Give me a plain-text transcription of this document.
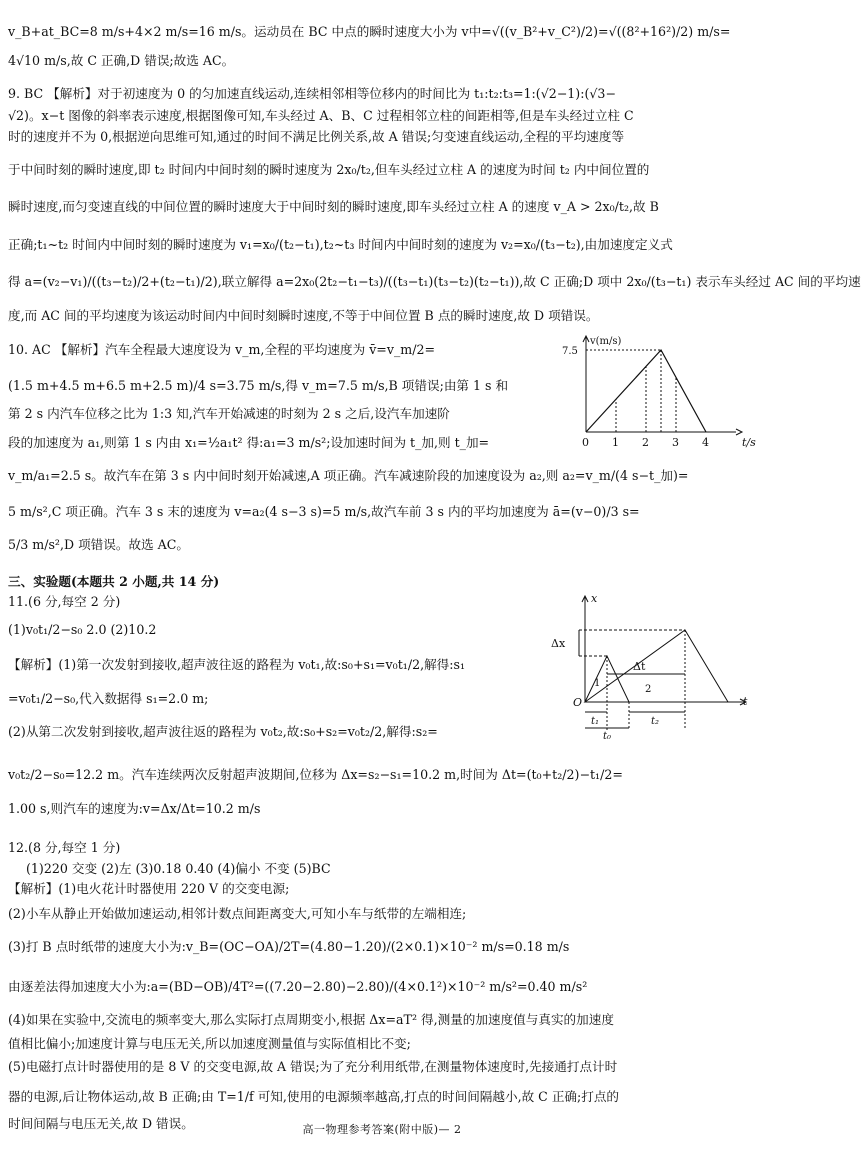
v_B+at_BC=8 m/s+4×2 m/s=16 m/s。运动员在 BC 中点的瞬时速度大小为 v中=√((v_B²+v_C²)/2)=√((8²+16²)/2) m/s=

4√10 m/s,故 C 正确,D 错误;故选 AC。

9. BC 【解析】对于初速度为 0 的匀加速直线运动,连续相邻相等位移内的时间比为 t₁:t₂:t₃=1:(√2−1):(√3−

√2)。x−t 图像的斜率表示速度,根据图像可知,车头经过 A、B、C 过程相邻立柱的间距相等,但是车头经过立柱 C

时的速度并不为 0,根据逆向思维可知,通过的时间不满足比例关系,故 A 错误;匀变速直线运动,全程的平均速度等

于中间时刻的瞬时速度,即 t₂ 时间内中间时刻的瞬时速度为 2x₀/t₂,但车头经过立柱 A 的速度为时间 t₂ 内中间位置的

瞬时速度,而匀变速直线的中间位置的瞬时速度大于中间时刻的瞬时速度,即车头经过立柱 A 的速度 v_A > 2x₀/t₂,故 B

正确;t₁~t₂ 时间内中间时刻的瞬时速度为 v₁=x₀/(t₂−t₁),t₂~t₃ 时间内中间时刻的速度为 v₂=x₀/(t₃−t₂),由加速度定义式

得 a=(v₂−v₁)/((t₃−t₂)/2+(t₂−t₁)/2),联立解得 a=2x₀(2t₂−t₁−t₃)/((t₃−t₁)(t₃−t₂)(t₂−t₁)),故 C 正确;D 项中 2x₀/(t₃−t₁) 表示车头经过 AC 间的平均速

度,而 AC 间的平均速度为该运动时间内中间时刻瞬时速度,不等于中间位置 B 点的瞬时速度,故 D 项错误。

10. AC 【解析】汽车全程最大速度设为 v_m,全程的平均速度为 v̄=v_m/2=

(1.5 m+4.5 m+6.5 m+2.5 m)/4 s=3.75 m/s,得 v_m=7.5 m/s,B 项错误;由第 1 s 和

第 2 s 内汽车位移之比为 1:3 知,汽车开始减速的时刻为 2 s 之后,设汽车加速阶

段的加速度为 a₁,则第 1 s 内由 x₁=½a₁t² 得:a₁=3 m/s²;设加速时间为 t_加,则 t_加=

v_m/a₁=2.5 s。故汽车在第 3 s 内中间时刻开始减速,A 项正确。汽车减速阶段的加速度设为 a₂,则 a₂=v_m/(4 s−t_加)=

5 m/s²,C 项正确。汽车 3 s 末的速度为 v=a₂(4 s−3 s)=5 m/s,故汽车前 3 s 内的平均加速度为 ā=(v−0)/3 s=

5/3 m/s²,D 项错误。故选 AC。

v(m/s)
t/s
0 1 2 3 4
7.5

三、实验题(本题共 2 小题,共 14 分)

11.(6 分,每空 2 分)

(1)v₀t₁/2−s₀ 2.0 (2)10.2

【解析】(1)第一次发射到接收,超声波往返的路程为 v₀t₁,故:s₀+s₁=v₀t₁/2,解得:s₁

=v₀t₁/2−s₀,代入数据得 s₁=2.0 m;

(2)从第二次发射到接收,超声波往返的路程为 v₀t₂,故:s₀+s₂=v₀t₂/2,解得:s₂=

v₀t₂/2−s₀=12.2 m。汽车连续两次反射超声波期间,位移为 Δx=s₂−s₁=10.2 m,时间为 Δt=(t₀+t₂/2)−t₁/2=

1.00 s,则汽车的速度为:v=Δx/Δt=10.2 m/s

x
t
O
Δx
Δt
1
2
t₁	t₂
t₀

12.(8 分,每空 1 分)

(1)220 交变 (2)左 (3)0.18 0.40 (4)偏小 不变 (5)BC

【解析】(1)电火花计时器使用 220 V 的交变电源;

(2)小车从静止开始做加速运动,相邻计数点间距离变大,可知小车与纸带的左端相连;

(3)打 B 点时纸带的速度大小为:v_B=(OC−OA)/2T=(4.80−1.20)/(2×0.1)×10⁻² m/s=0.18 m/s

由逐差法得加速度大小为:a=(BD−OB)/4T²=((7.20−2.80)−2.80)/(4×0.1²)×10⁻² m/s²=0.40 m/s²

(4)如果在实验中,交流电的频率变大,那么实际打点周期变小,根据 Δx=aT² 得,测量的加速度值与真实的加速度

值相比偏小;加速度计算与电压无关,所以加速度测量值与实际值相比不变;

(5)电磁打点计时器使用的是 8 V 的交变电源,故 A 错误;为了充分利用纸带,在测量物体速度时,先接通打点计时

器的电源,后让物体运动,故 B 正确;由 T=1/f 可知,使用的电源频率越高,打点的时间间隔越小,故 C 正确;打点的

时间间隔与电压无关,故 D 错误。	高一物理参考答案(附中版)— 2
